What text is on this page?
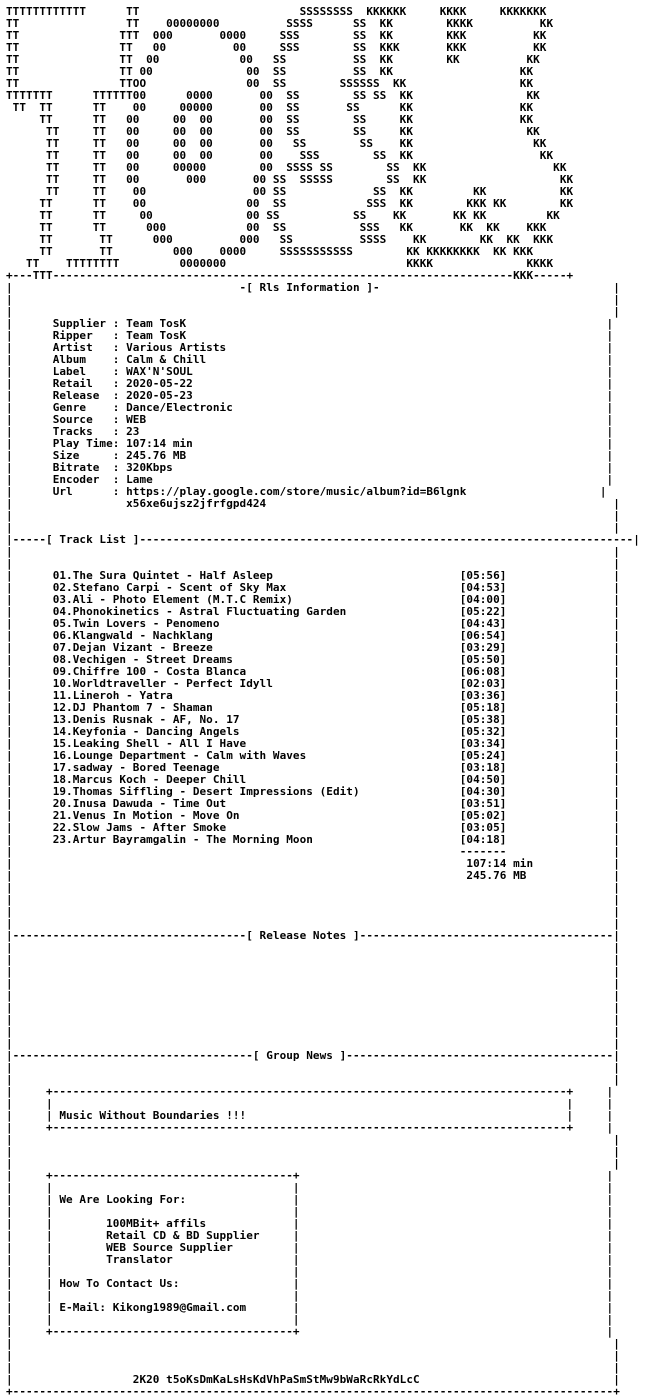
TTTTTTTTTTTT      TT                        SSSSSSSS  KKKKKK     KKKK     KKKKKKK
TT                TT    00000000          SSSS      SS  KK        KKKK          KK
TT               TTT  000       0000     SSS        SS  KK        KKK          KK
TT               TT   00          00     SSS        SS  KKK       KKK          KK
TT               TT  00            00   SS          SS  KK        KK          KK
TT               TT 00              00  SS          SS  KK                   KK
TT               TTOO               00  SS        SSSSSS  KK                 KK
TTTTTTT      TTTTTT00      0000       00  SS        SS SS  KK                 KK
TT  TT      TT    00     00000       00  SS       SS      KK                KK
TT      TT   00     00  00       00  SS        SS     KK                KK
TT     TT   00     00  00       00  SS        SS     KK                 KK
TT     TT   00     00  00       00   SS        SS    KK                  KK
TT     TT   00     00  00       00    SSS        SS  KK                   KK
TT     TT   00     00000        00  SSSS SS        SS  KK                   KK
TT     TT   00       000       00 SS  SSSSS        SS  KK                    KK
TT     TT    00                00 SS             SS  KK         KK           KK
TT      TT    00               00  SS            SSS  KK        KKK KK        KK
TT      TT     00              00 SS           SS    KK       KK KK         KK
TT      TT      000            00  SS           SSS   KK       KK  KK    KKK
TT       TT      000          000   SS          SSSS    KK        KK  KK  KKK
TT       TT         000    0000     SSSSSSSSSSS        KK KKKKKKKK  KK KKK
TT    TTTTTTTT         0000000                           KKKK              KKKK
+---TTT---------------------------------------------------------------------KKK-----+
|                                  -[ Rls Information ]-                                   |
|                                                                                          |
|                                                                                          |
|      Supplier : Team TosK                                                               |
|      Ripper   : Team TosK                                                               |
|      Artist   : Various Artists                                                         |
|      Album    : Calm & Chill                                                            |
|      Label    : WAX'N'SOUL                                                              |
|      Retail   : 2020-05-22                                                              |
|      Release  : 2020-05-23                                                              |
|      Genre    : Dance/Electronic                                                        |
|      Source   : WEB                                                                     |
|      Tracks   : 23                                                                      |
|      Play Time: 107:14 min                                                              |
|      Size     : 245.76 MB                                                               |
|      Bitrate  : 320Kbps                                                                 |
|      Encoder  : Lame                                                                    |
|      Url      : https://play.google.com/store/music/album?id=B6lgnk                    |
|                 x56xe6ujsz2jfrfgpd424                                                    |
|                                                                                          |
|                                                                                          |
|-----[ Track List ]--------------------------------------------------------------------------|
|                                                                                          |
|                                                                                          |
|      01.The Sura Quintet - Half Asleep                            [05:56]                |
|      02.Stefano Carpi - Scent of Sky Max                          [04:53]                |
|      03.Ali - Photo Element (M.T.C Remix)                         [04:00]                |
|      04.Phonokinetics - Astral Fluctuating Garden                 [05:22]                |
|      05.Twin Lovers - Penomeno                                    [04:43]                |
|      06.Klangwald - Nachklang                                     [06:54]                |
|      07.Dejan Vizant - Breeze                                     [03:29]                |
|      08.Vechigen - Street Dreams                                  [05:50]                |
|      09.Chiffre 100 - Costa Blanca                                [06:08]                |
|      10.Worldtraveller - Perfect Idyll                            [02:03]                |
|      11.Lineroh - Yatra                                           [03:36]                |
|      12.DJ Phantom 7 - Shaman                                     [05:18]                |
|      13.Denis Rusnak - AF, No. 17                                 [05:38]                |
|      14.Keyfonia - Dancing Angels                                 [05:32]                |
|      15.Leaking Shell - All I Have                                [03:34]                |
|      16.Lounge Department - Calm with Waves                       [05:24]                |
|      17.sadway - Bored Teenage                                    [03:18]                |
|      18.Marcus Koch - Deeper Chill                                [04:50]                |
|      19.Thomas Siffling - Desert Impressions (Edit)               [04:30]                |
|      20.Inusa Dawuda - Time Out                                   [03:51]                |
|      21.Venus In Motion - Move On                                 [05:02]                |
|      22.Slow Jams - After Smoke                                   [03:05]                |
|      23.Artur Bayramgalin - The Morning Moon                      [04:18]                |
|                                                                   -------                |
|                                                                    107:14 min            |
|                                                                    245.76 MB             |
|                                                                                          |
|                                                                                          |
|                                                                                          |
|                                                                                          |
|-----------------------------------[ Release Notes ]--------------------------------------|
|                                                                                          |
|                                                                                          |
|                                                                                          |
|                                                                                          |
|                                                                                          |
|                                                                                          |
|                                                                                          |
|                                                                                          |
|                                                                                          |
|------------------------------------[ Group News ]----------------------------------------|
|                                                                                          |
|                                                                                          |
|     +-----------------------------------------------------------------------------+     |
|     |                                                                             |     |
|     | Music Without Boundaries !!!                                                |     |
|     +-----------------------------------------------------------------------------+     |
|                                                                                          |
|                                                                                          |
|                                                                                          |
|     +------------------------------------+                                              |
|     |                                    |                                              |
|     | We Are Looking For:                |                                              |
|     |                                    |                                              |
|     |        100MBit+ affils             |                                              |
|     |        Retail CD & BD Supplier     |                                              |
|     |        WEB Source Supplier         |                                              |
|     |        Translator                  |                                              |
|     |                                    |                                              |
|     | How To Contact Us:                 |                                              |
|     |                                    |                                              |
|     | E-Mail: Kikong1989@Gmail.com       |                                              |
|     |                                    |                                              |
|     +------------------------------------+                                              |
|                                                                                          |
|                                                                                          |
|                                                                                          |
|                  2K20 t5oKsDmKaLsHsKdVhPaSmStMw9bWaRcRkYdLcC                             |
+------------------------------------------------------------------------------------------+
